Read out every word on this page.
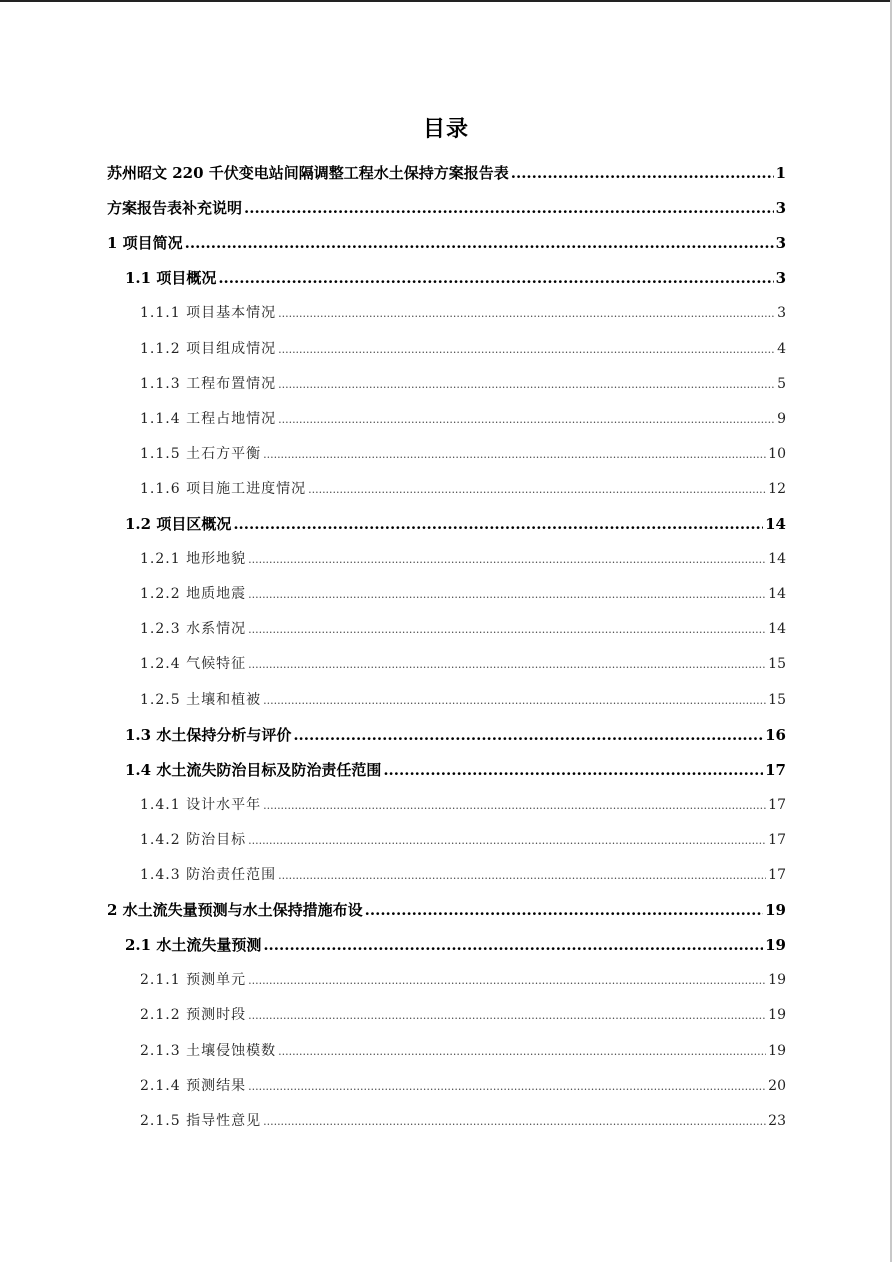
目录
苏州昭文 220 千伏变电站间隔调整工程水土保持方案报告表 .....	1
方案报告表补充说明 .....	3
1 项目简况 .....	3
1.1 项目概况 .....	3
1.1.1 项目基本情况 .....	3
1.1.2 项目组成情况 .....	4
1.1.3 工程布置情况 .....	5
1.1.4 工程占地情况 .....	9
1.1.5 土石方平衡 .....	10
1.1.6 项目施工进度情况 .....	12
1.2 项目区概况 .....	14
1.2.1 地形地貌 .....	14
1.2.2 地质地震 .....	14
1.2.3 水系情况 .....	14
1.2.4 气候特征 .....	15
1.2.5 土壤和植被 .....	15
1.3 水土保持分析与评价 .....	16
1.4 水土流失防治目标及防治责任范围 .....	17
1.4.1 设计水平年 .....	17
1.4.2 防治目标 .....	17
1.4.3 防治责任范围 .....	17
2 水土流失量预测与水土保持措施布设 .....	19
2.1 水土流失量预测 .....	19
2.1.1 预测单元 .....	19
2.1.2 预测时段 .....	19
2.1.3 土壤侵蚀模数 .....	19
2.1.4 预测结果 .....	20
2.1.5 指导性意见 .....	23
